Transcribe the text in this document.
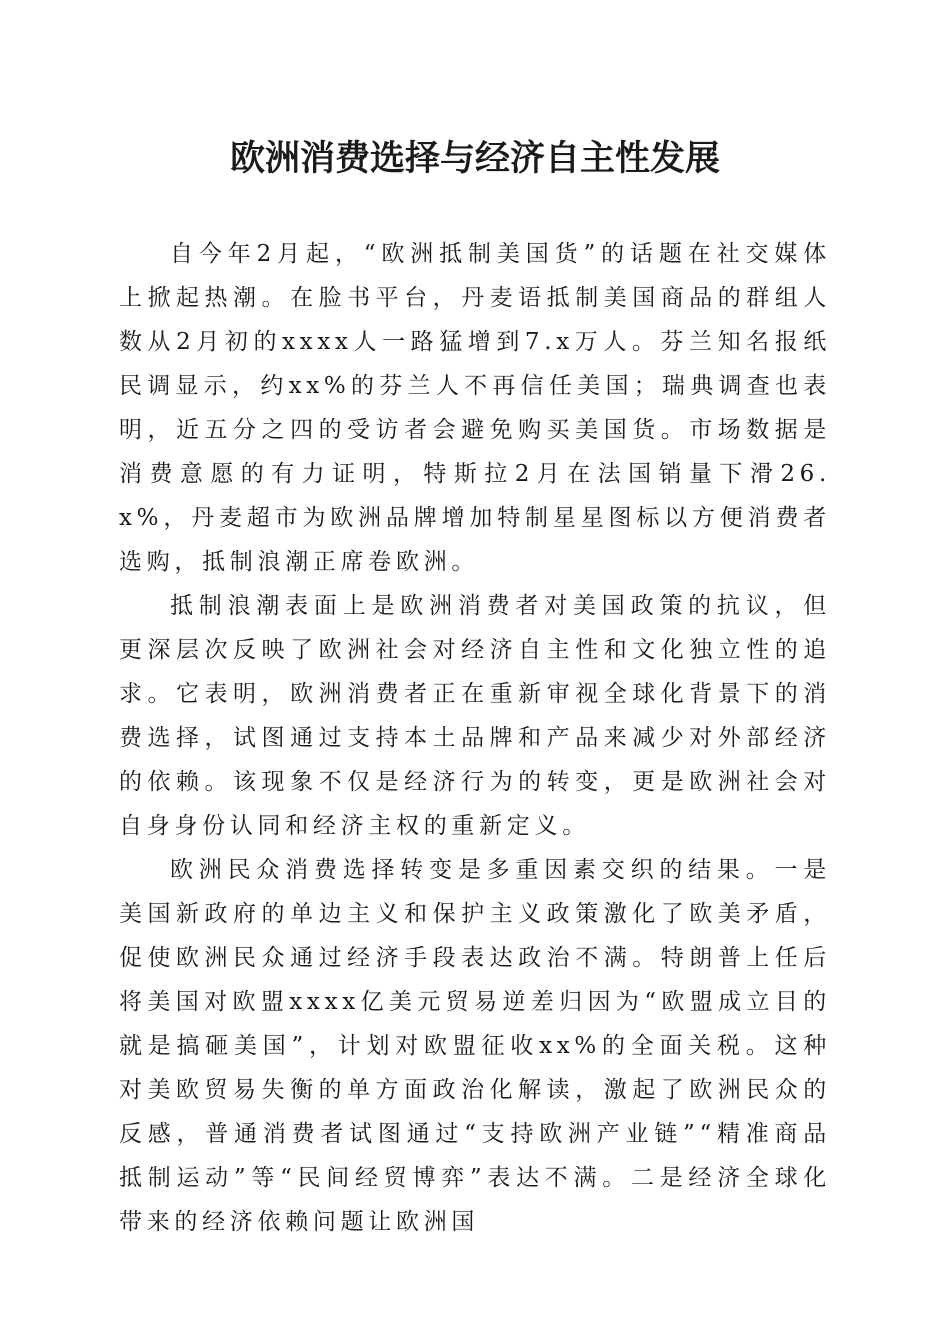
欧洲消费选择与经济自主性发展

自今年2月起，“欧洲抵制美国货”的话题在社交媒体上掀起热潮。在脸书平台，丹麦语抵制美国商品的群组人数从2月初的xxxx人一路猛增到7.x万人。芬兰知名报纸民调显示，约xx%的芬兰人不再信任美国；瑞典调查也表明，近五分之四的受访者会避免购买美国货。市场数据是消费意愿的有力证明，特斯拉2月在法国销量下滑26.x%，丹麦超市为欧洲品牌增加特制星星图标以方便消费者选购，抵制浪潮正席卷欧洲。

抵制浪潮表面上是欧洲消费者对美国政策的抗议，但更深层次反映了欧洲社会对经济自主性和文化独立性的追求。它表明，欧洲消费者正在重新审视全球化背景下的消费选择，试图通过支持本土品牌和产品来减少对外部经济的依赖。该现象不仅是经济行为的转变，更是欧洲社会对自身身份认同和经济主权的重新定义。

欧洲民众消费选择转变是多重因素交织的结果。一是美国新政府的单边主义和保护主义政策激化了欧美矛盾，促使欧洲民众通过经济手段表达政治不满。特朗普上任后将美国对欧盟xxxx亿美元贸易逆差归因为“欧盟成立目的就是搞砸美国”，计划对欧盟征收xx%的全面关税。这种对美欧贸易失衡的单方面政治化解读，激起了欧洲民众的反感，普通消费者试图通过“支持欧洲产业链”“精准商品抵制运动”等“民间经贸博弈”表达不满。二是经济全球化带来的经济依赖问题让欧洲国
